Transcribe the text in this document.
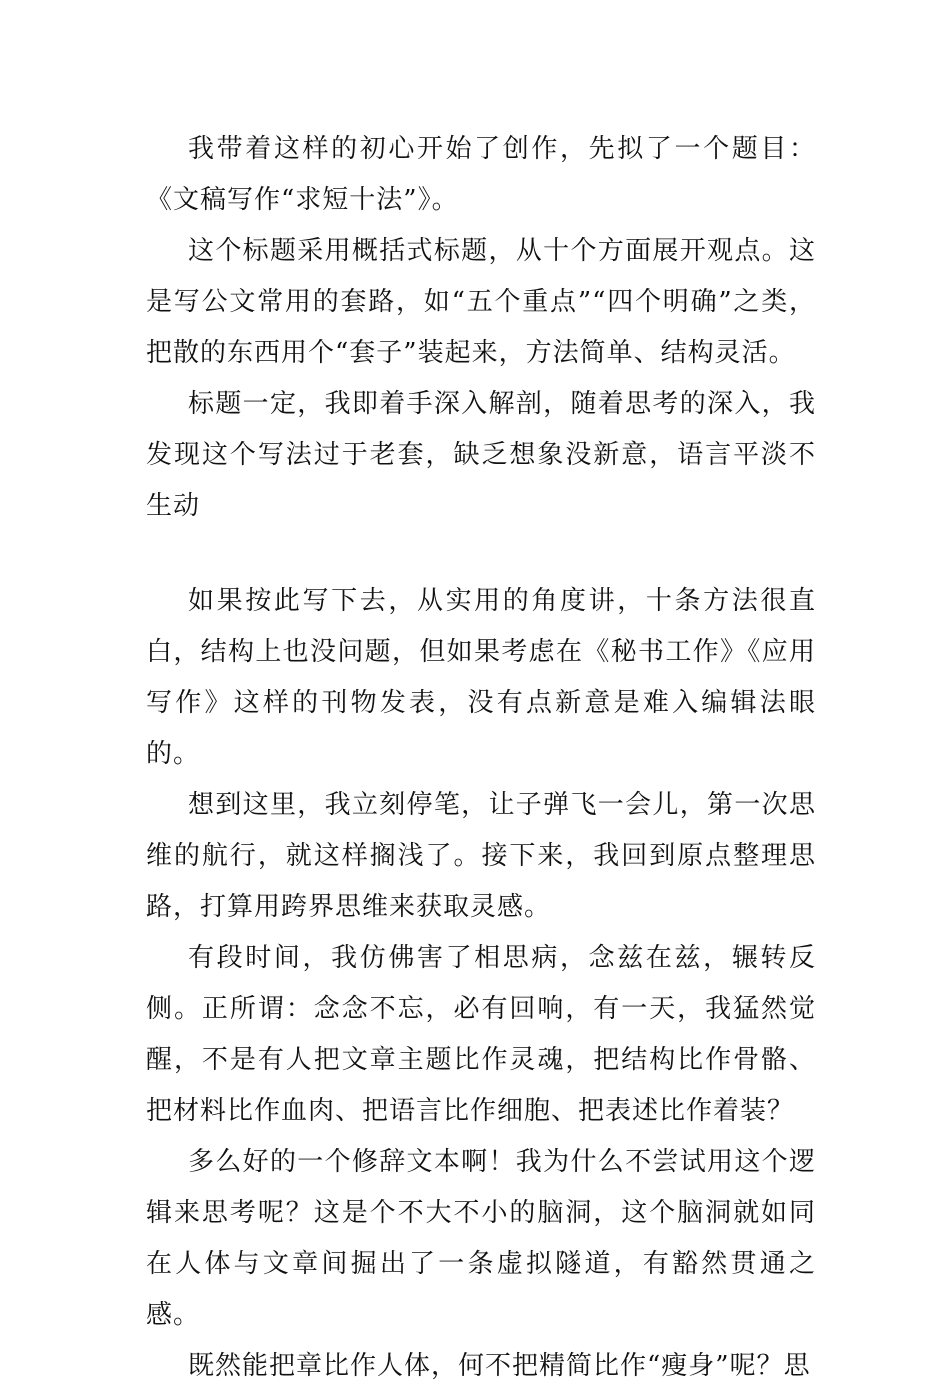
我带着这样的初心开始了创作，先拟了一个题目：《文稿写作“求短十法”》。

这个标题采用概括式标题，从十个方面展开观点。这是写公文常用的套路，如“五个重点”“四个明确”之类，把散的东西用个“套子”装起来，方法简单、结构灵活。

标题一定，我即着手深入解剖，随着思考的深入，我发现这个写法过于老套，缺乏想象没新意，语言平淡不生动

如果按此写下去，从实用的角度讲，十条方法很直白，结构上也没问题，但如果考虑在《秘书工作》《应用写作》这样的刊物发表，没有点新意是难入编辑法眼的。

想到这里，我立刻停笔，让子弹飞一会儿，第一次思维的航行，就这样搁浅了。接下来，我回到原点整理思路，打算用跨界思维来获取灵感。

有段时间，我仿佛害了相思病，念兹在兹，辗转反侧。正所谓：念念不忘，必有回响，有一天，我猛然觉醒，不是有人把文章主题比作灵魂，把结构比作骨骼、把材料比作血肉、把语言比作细胞、把表述比作着装？

多么好的一个修辞文本啊！我为什么不尝试用这个逻辑来思考呢？这是个不大不小的脑洞，这个脑洞就如同在人体与文章间掘出了一条虚拟隧道，有豁然贯通之感。

既然能把章比作人体，何不把精简比作“瘦身”呢？思
